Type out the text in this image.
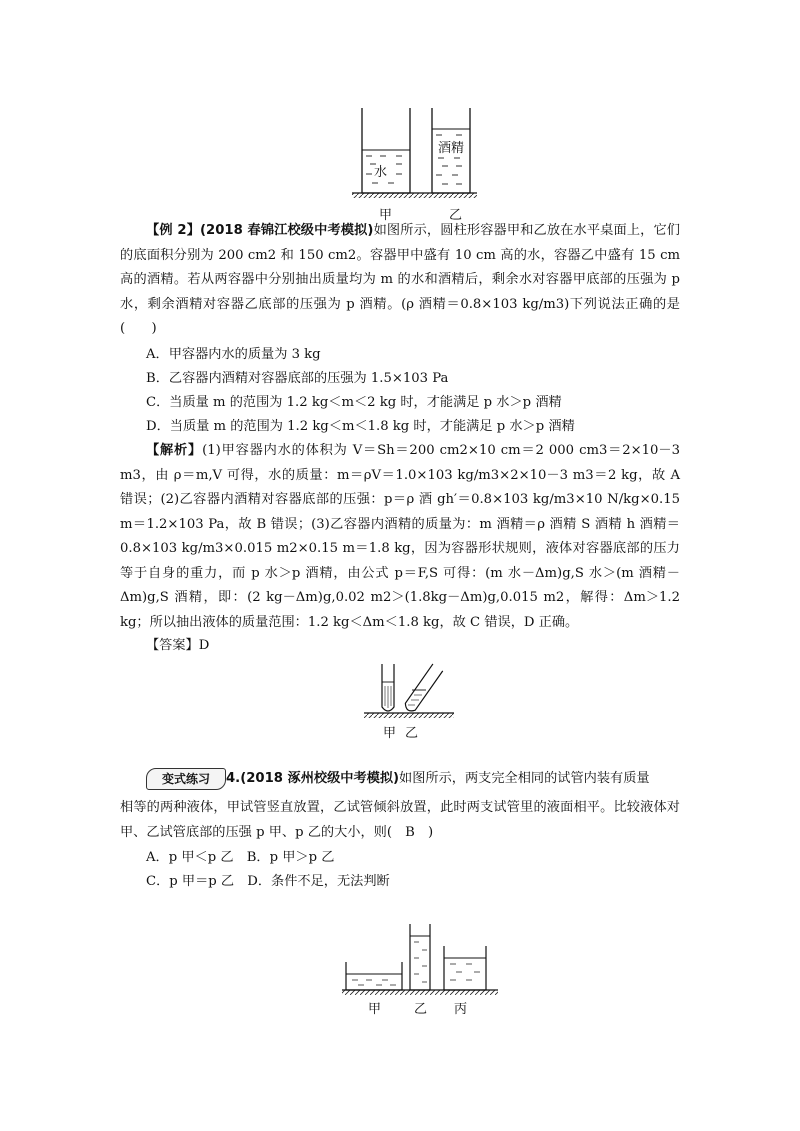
水
酒精
甲	乙
【例 2】(2018 春锦江校级中考模拟)如图所示，圆柱形容器甲和乙放在水平桌面上，它们的底面积分别为 200 cm2 和 150 cm2。容器甲中盛有 10 cm 高的水，容器乙中盛有 15 cm 高的酒精。若从两容器中分别抽出质量均为 m 的水和酒精后，剩余水对容器甲底部的压强为 p 水，剩余酒精对容器乙底部的压强为 p 酒精。(ρ 酒精＝0.8×103 kg/m3)下列说法正确的是(　　)
A．甲容器内水的质量为 3 kg
B．乙容器内酒精对容器底部的压强为 1.5×103 Pa
C．当质量 m 的范围为 1.2 kg＜m＜2 kg 时，才能满足 p 水＞p 酒精
D．当质量 m 的范围为 1.2 kg＜m＜1.8 kg 时，才能满足 p 水＞p 酒精
【解析】(1)甲容器内水的体积为 V＝Sh＝200 cm2×10 cm＝2 000 cm3＝2×10－3 m3，由 ρ＝m,V 可得，水的质量：m＝ρV＝1.0×103 kg/m3×2×10－3 m3＝2 kg，故 A 错误；(2)乙容器内酒精对容器底部的压强：p＝ρ 酒 gh′＝0.8×103 kg/m3×10 N/kg×0.15 m＝1.2×103 Pa，故 B 错误；(3)乙容器内酒精的质量为：m 酒精＝ρ 酒精 S 酒精 h 酒精＝0.8×103 kg/m3×0.015 m2×0.15 m＝1.8 kg，因为容器形状规则，液体对容器底部的压力等于自身的重力，而 p 水＞p 酒精，由公式 p＝F,S 可得：(m 水－Δm)g,S 水＞(m 酒精－Δm)g,S 酒精，即：(2 kg－Δm)g,0.02 m2＞(1.8kg－Δm)g,0.015 m2，解得：Δm＞1.2 kg；所以抽出液体的质量范围：1.2 kg＜Δm＜1.8 kg，故 C 错误，D 正确。
【答案】D
甲 乙
变式练习	4.(2018 涿州校级中考模拟)如图所示，两支完全相同的试管内装有质量
相等的两种液体，甲试管竖直放置，乙试管倾斜放置，此时两支试管里的液面相平。比较液体对甲、乙试管底部的压强 p 甲、p 乙的大小，则(　B　)
A．p 甲＜p 乙　B．p 甲＞p 乙
C．p 甲＝p 乙　D．条件不足，无法判断
甲	乙 丙
